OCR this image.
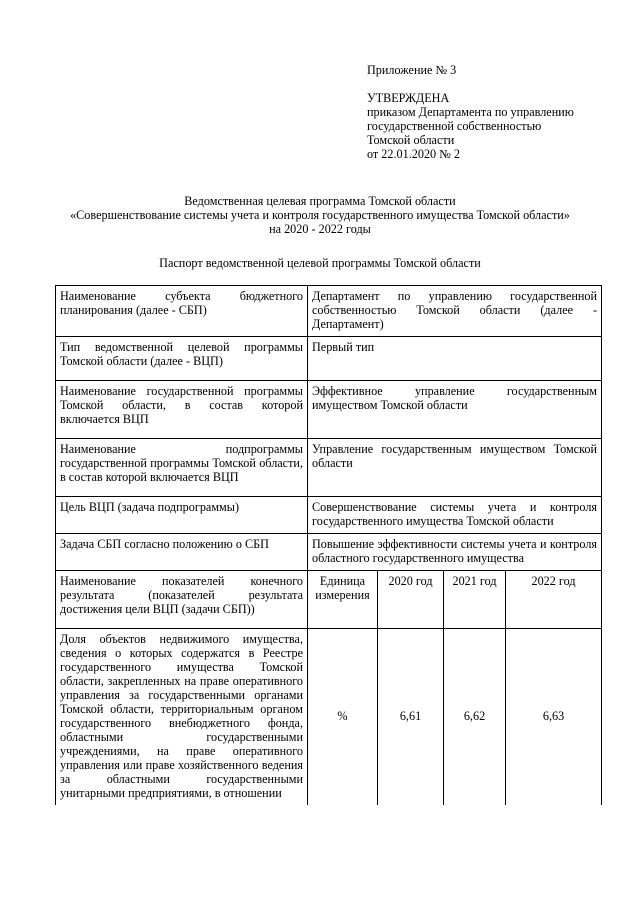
Приложение № 3
УТВЕРЖДЕНА
приказом Департамента по управлению
государственной собственностью
Томской области
от 22.01.2020 № 2
Ведомственная целевая программа Томской области
«Совершенствование системы учета и контроля государственного имущества Томской области»
на 2020 - 2022 годы
Паспорт ведомственной целевой программы Томской области
Наименование субъекта бюджетного планирования (далее - СБП)	Департамент по управлению государственной собственностью Томской области (далее - Департамент)			
Тип ведомственной целевой программы Томской области (далее - ВЦП)	Первый тип			
Наименование государственной программы Томской области, в состав которой включается ВЦП	Эффективное управление государственным имуществом Томской области			
Наименование подпрограммы государственной программы Томской области, в состав которой включается ВЦП	Управление государственным имуществом Томской области			
Цель ВЦП (задача подпрограммы)	Совершенствование системы учета и контроля государственного имущества Томской области			
Задача СБП согласно положению о СБП	Повышение эффективности системы учета и контроля областного государственного имущества			
Наименование показателей конечного результата (показателей результата достижения цели ВЦП (задачи СБП))	Единица измерения	2020 год	2021 год	2022 год
Доля объектов недвижимого имущества, сведения о которых содержатся в Реестре государственного имущества Томской области, закрепленных на праве оперативного управления за государственными органами Томской области, территориальным органом государственного внебюджетного фонда, областными государственными учреждениями, на праве оперативного управления или праве хозяйственного ведения за областными государственными унитарными предприятиями, в отношении	%	6,61	6,62	6,63
